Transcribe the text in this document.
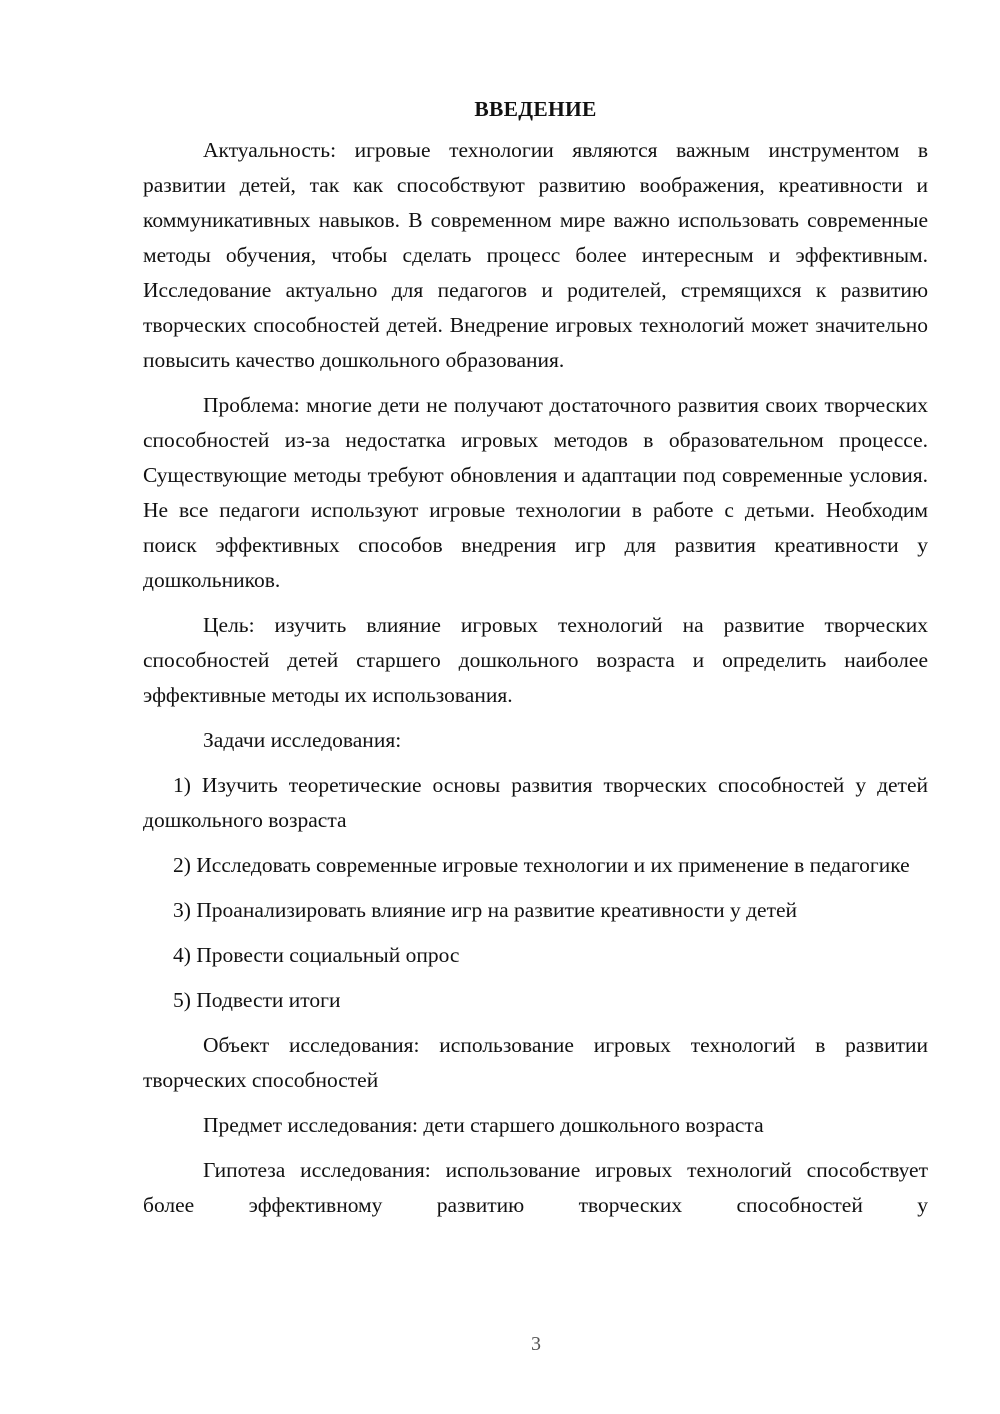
ВВЕДЕНИЕ

Актуальность: игровые технологии являются важным инструментом в развитии детей, так как способствуют развитию воображения, креативности и коммуникативных навыков. В современном мире важно использовать современные методы обучения, чтобы сделать процесс более интересным и эффективным. Исследование актуально для педагогов и родителей, стремящихся к развитию творческих способностей детей. Внедрение игровых технологий может значительно повысить качество дошкольного образования.

Проблема: многие дети не получают достаточного развития своих творческих способностей из-за недостатка игровых методов в образовательном процессе. Существующие методы требуют обновления и адаптации под современные условия. Не все педагоги используют игровые технологии в работе с детьми. Необходим поиск эффективных способов внедрения игр для развития креативности у дошкольников.

Цель: изучить влияние игровых технологий на развитие творческих способностей детей старшего дошкольного возраста и определить наиболее эффективные методы их использования.

Задачи исследования:

1) Изучить теоретические основы развития творческих способностей у детей дошкольного возраста
2) Исследовать современные игровые технологии и их применение в педагогике
3) Проанализировать влияние игр на развитие креативности у детей
4) Провести социальный опрос
5) Подвести итоги

Объект исследования: использование игровых технологий в развитии творческих способностей

Предмет исследования: дети старшего дошкольного возраста

Гипотеза исследования: использование игровых технологий способствует более эффективному развитию творческих способностей у

3
